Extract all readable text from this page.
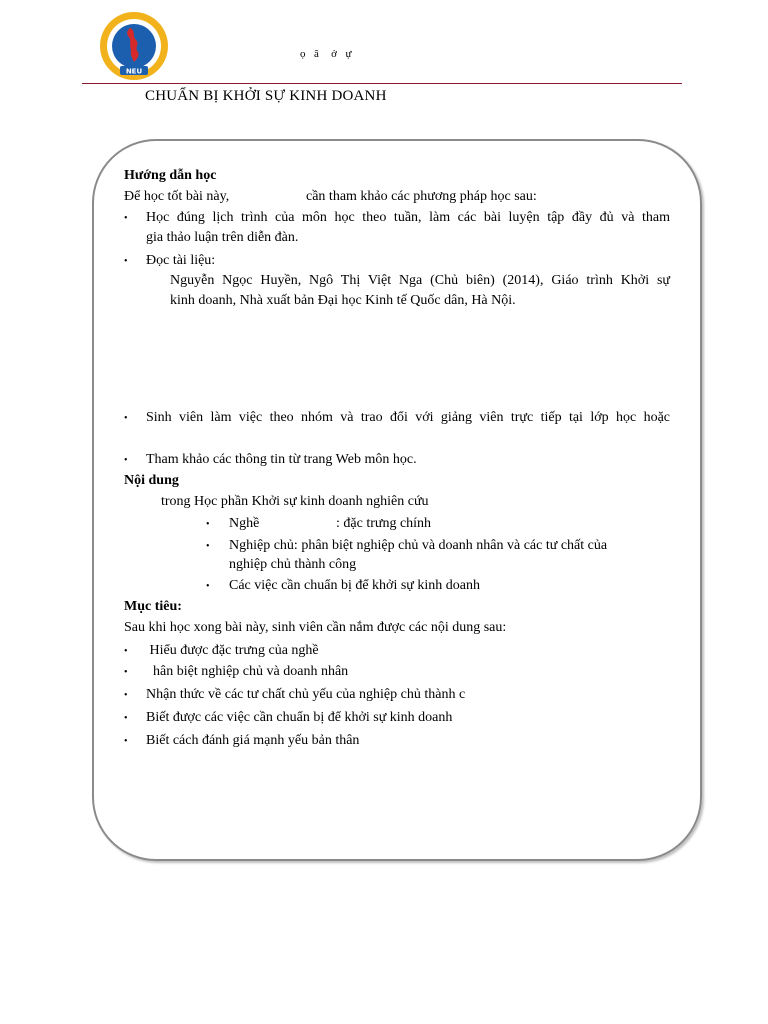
NEU
ọ  â   ở  ự
CHUẨN BỊ KHỞI SỰ KINH DOANH
Hướng dẫn học
Để học tốt bài này,	cần tham khảo các phương pháp học sau:
• Học đúng lịch trình của môn học theo tuần, làm các bài luyện tập đầy đủ và tham
gia thảo luận trên diễn đàn.
• Đọc tài liệu:
Nguyễn Ngọc Huyền, Ngô Thị Việt Nga (Chủ biên) (2014), Giáo trình Khởi sự
kinh doanh, Nhà xuất bản Đại học Kinh tế Quốc dân, Hà Nội.
• Sinh viên làm việc theo nhóm và trao đổi với giảng viên trực tiếp tại lớp học hoặc
• Tham khảo các thông tin từ trang Web môn học.
Nội dung
trong Học phần Khởi sự kinh doanh nghiên cứu
• Nghề	: đặc trưng chính
• Nghiệp chủ: phân biệt nghiệp chủ và doanh nhân và các tư chất của
nghiệp chủ thành công
• Các việc cần chuẩn bị để khởi sự kinh doanh
Mục tiêu:
Sau khi học xong bài này, sinh viên cần nắm được các nội dung sau:
• Hiểu được đặc trưng của nghề
• hân biệt nghiệp chủ và doanh nhân
• Nhận thức về các tư chất chủ yếu của nghiệp chủ thành c
• Biết được các việc cần chuẩn bị để khởi sự kinh doanh
• Biết cách đánh giá mạnh yếu bản thân
